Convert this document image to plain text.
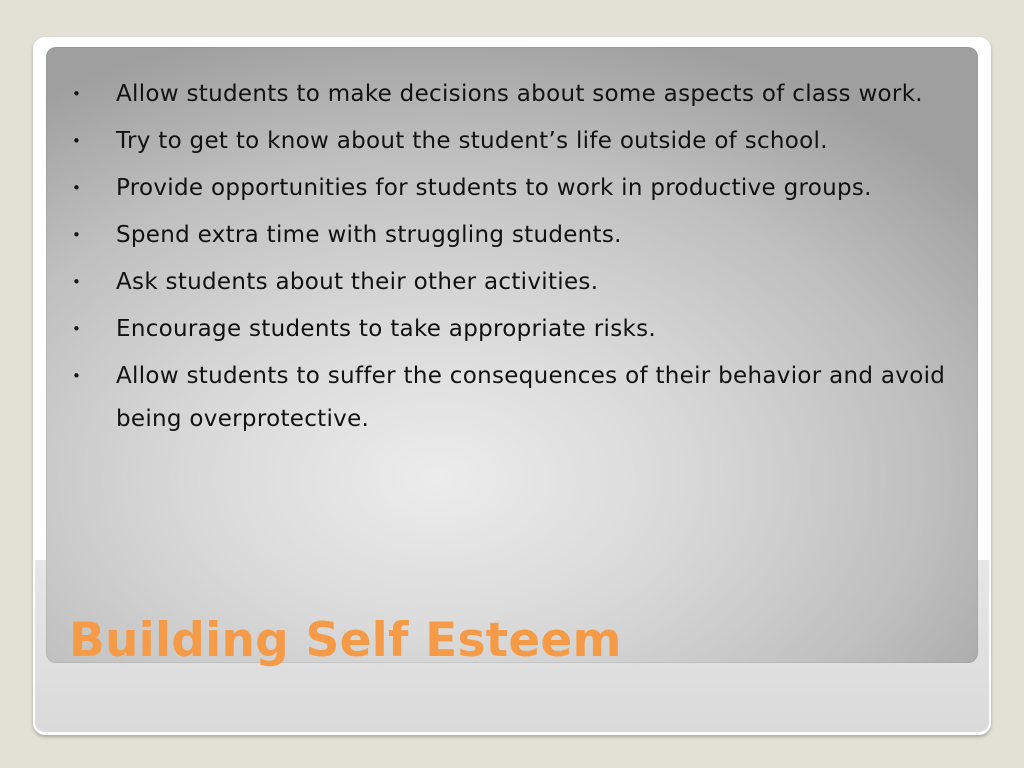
• Allow students to make decisions about some aspects of class work.
• Try to get to know about the student’s life outside of school.
• Provide opportunities for students to work in productive groups.
• Spend extra time with struggling students.
• Ask students about their other activities.
• Encourage students to take appropriate risks.
• Allow students to suffer the consequences of their behavior and avoid being overprotective.
Building Self Esteem
